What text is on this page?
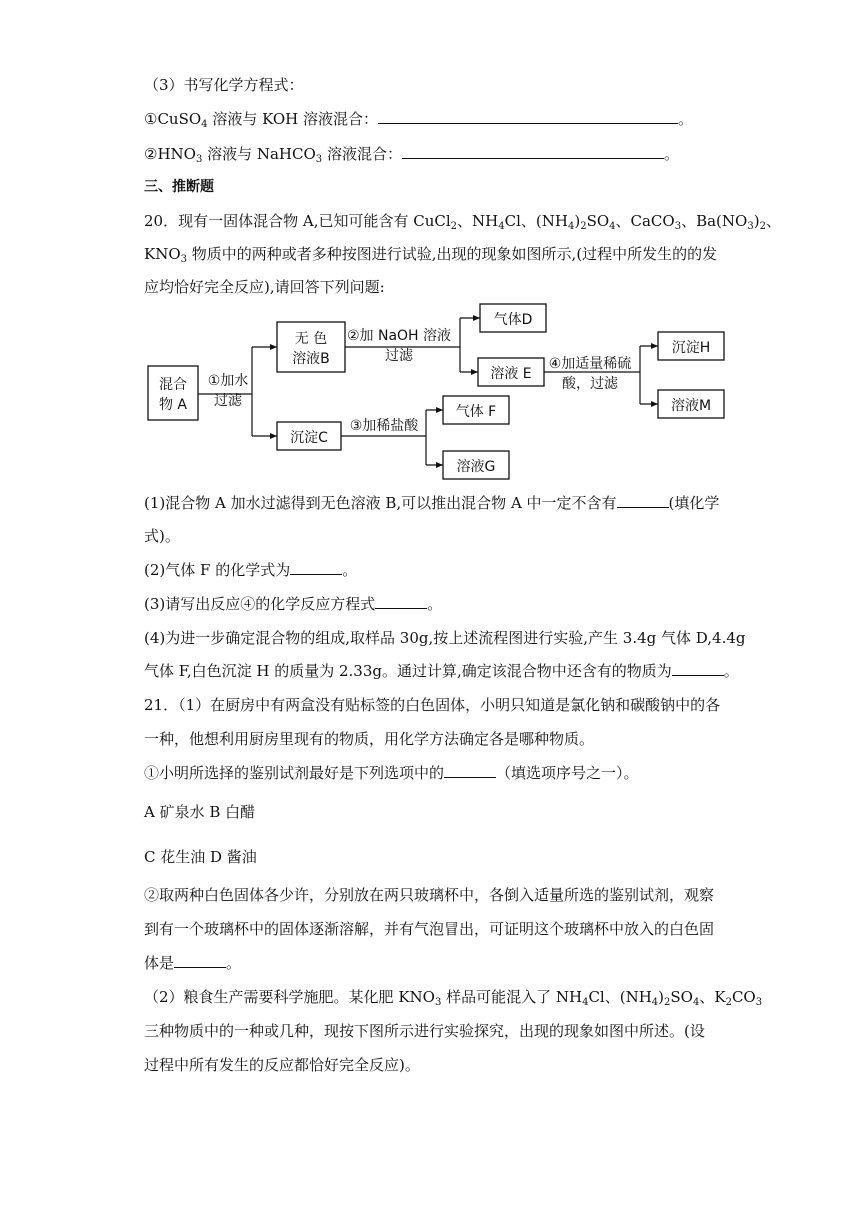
（3）书写化学方程式：
①CuSO$_4$ 溶液与 KOH 溶液混合：	。
$②HNO_3$ 溶液与 NaHCO$_3$ 溶液混合：	。
三、推断题
20．现有一固体混合物 A,已知可能含有 CuCl$_2$、$NH_4Cl$、$(NH_4)_2SO_4$、CaCO$_3$、$Ba(NO_3)_2$、
$KNO_3$ 物质中的两种或者多种按图进行试验,出现的现象如图所示,(过程中所发生的的发
应均恰好完全反应),请回答下列问题:
混合
物 A
①加水
过滤
无 色
溶液B
沉淀C
②加 NaOH 溶液
过滤
③加稀盐酸
气体D
溶液 E
气体 F
溶液G
④加适量稀硫
酸，过滤
沉淀H
溶液M
(1)混合物 A 加水过滤得到无色溶液 B,可以推出混合物 A 中一定不含有	(填化学
式)。
(2)气体 F 的化学式为	。
(3)请写出反应④的化学反应方程式	。
(4)为进一步确定混合物的组成,取样品 30g,按上述流程图进行实验,产生 3.4g 气体 D,4.4g
气体 F,白色沉淀 H 的质量为 2.33g。通过计算,确定该混合物中还含有的物质为	。
21．（1）在厨房中有两盒没有贴标签的白色固体，小明只知道是氯化钠和碳酸钠中的各
一种，他想利用厨房里现有的物质，用化学方法确定各是哪种物质。
①小明所选择的鉴别试剂最好是下列选项中的	（填选项序号之一）。
A 矿泉水 B 白醋
C 花生油 D 酱油
②取两种白色固体各少许，分别放在两只玻璃杯中，各倒入适量所选的鉴别试剂，观察
到有一个玻璃杯中的固体逐渐溶解，并有气泡冒出，可证明这个玻璃杯中放入的白色固
体是	。
（2）粮食生产需要科学施肥。某化肥 $KNO_3$ 样品可能混入了 $NH_4Cl$、$(NH_4)_2SO_4$、$K_2CO_3$
三种物质中的一种或几种，现按下图所示进行实验探究，出现的现象如图中所述。(设
过程中所有发生的反应都恰好完全反应)。
